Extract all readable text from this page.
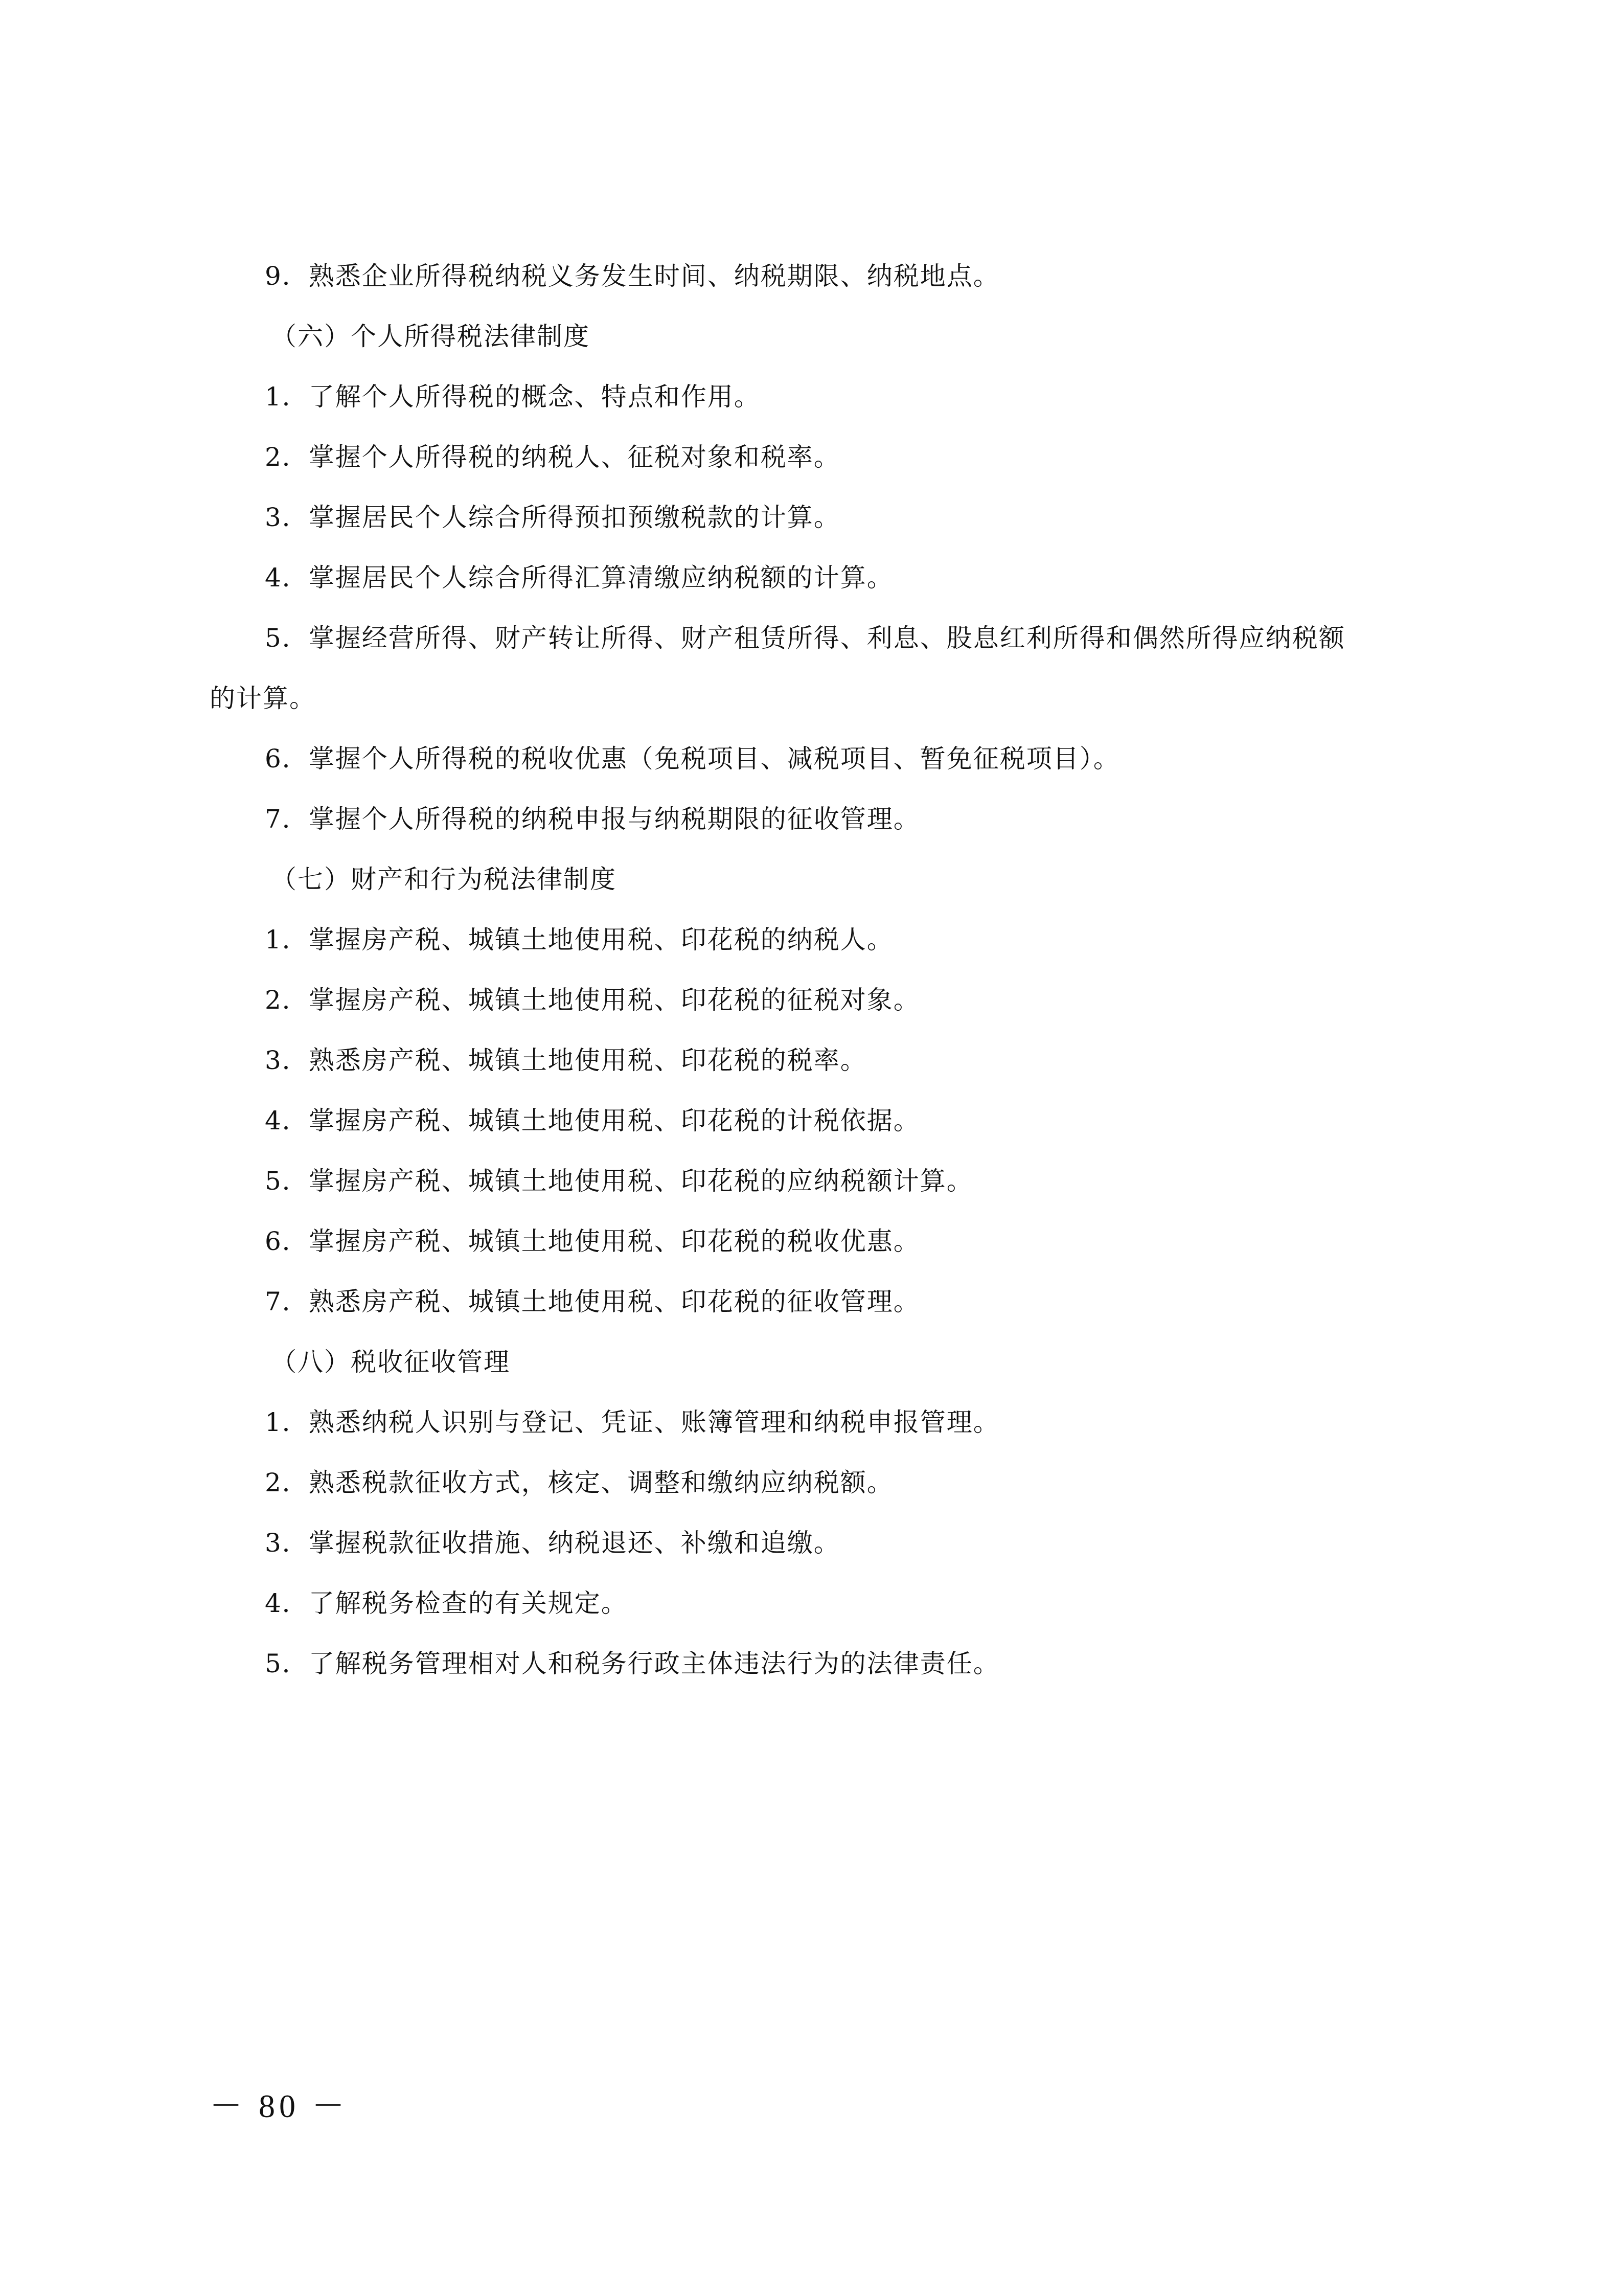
9．熟悉企业所得税纳税义务发生时间、纳税期限、纳税地点。
（六）个人所得税法律制度
1．了解个人所得税的概念、特点和作用。
2．掌握个人所得税的纳税人、征税对象和税率。
3．掌握居民个人综合所得预扣预缴税款的计算。
4．掌握居民个人综合所得汇算清缴应纳税额的计算。
5．掌握经营所得、财产转让所得、财产租赁所得、利息、股息红利所得和偶然所得应纳税额
的计算。
6．掌握个人所得税的税收优惠（免税项目、减税项目、暂免征税项目）。
7．掌握个人所得税的纳税申报与纳税期限的征收管理。
（七）财产和行为税法律制度
1．掌握房产税、城镇土地使用税、印花税的纳税人。
2．掌握房产税、城镇土地使用税、印花税的征税对象。
3．熟悉房产税、城镇土地使用税、印花税的税率。
4．掌握房产税、城镇土地使用税、印花税的计税依据。
5．掌握房产税、城镇土地使用税、印花税的应纳税额计算。
6．掌握房产税、城镇土地使用税、印花税的税收优惠。
7．熟悉房产税、城镇土地使用税、印花税的征收管理。
（八）税收征收管理
1．熟悉纳税人识别与登记、凭证、账簿管理和纳税申报管理。
2．熟悉税款征收方式，核定、调整和缴纳应纳税额。
3．掌握税款征收措施、纳税退还、补缴和追缴。
4．了解税务检查的有关规定。
5．了解税务管理相对人和税务行政主体违法行为的法律责任。
－ 80 －
